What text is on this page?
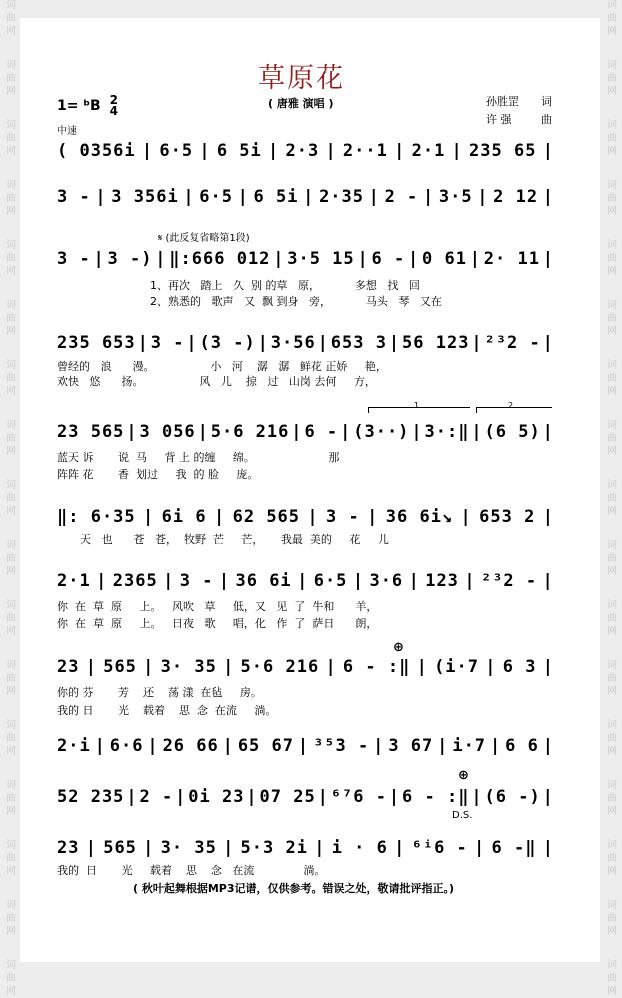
词
曲
网
词
曲
网
词
曲
网
词
曲
网
词
曲
网
词
曲
网
词
曲
网
词
曲
网
词
曲
网
词
曲
网
词
曲
网
词
曲
网
词
曲
网
词
曲
网
词
曲
网
词
曲
网
词
曲
网
词
曲
网
词
曲
网
词
曲
网
词
曲
网
词
曲
网
词
曲
网
词
曲
网
词
曲
网
词
曲
网
词
曲
网
词
曲
网
词
曲
网
词
曲
网
词
曲
网
词
曲
网
词
曲
网
词
曲
网
草原花
( 唐雅 演唱 )	孙胜罡 词
许 强	曲
1= ᵇB 2
4
中速
( 0356i | 6·5 | 6 5i | 2·3 | 2··1 | 2·1 | 235 65 |
3 - | 3 356i | 6·5 | 6 5i | 2·35 | 2 - | 3·5 | 2 12 |
3 - | 3 -) | ‖:666 012 | 3·5 15 | 6 - | 0 61 | 2· 11 |
235 653 | 3 - | (3 -) | 3·56 | 653 3 | 56 123 | ²³2 - |
23 565 | 3 056 | 5·6 216 | 6 - | (3··) | 3·:‖ | (6 5) |
‖: 6·35 | 6i 6 | 62 565 | 3 - | 36 6i↘ | 653 2 |
2·1 | 2365 | 3 - | 36 6i | 6·5 | 3·6 | 123 | ²³2 - |
23 | 565 | 3· 35 | 5·6 216 | 6 - :‖ | (i·7 | 6 3 |
2·i | 6·6 | 26 66 | 65 67 | ³⁵3 - | 3 67 | i·7 | 6 6 |
52 235 | 2 - | 0i 23 | 07 25 | ⁶⁷6 - | 6 - :‖ | (6 -) |
23 | 565 | 3· 35 | 5·3 2i | i · 6 | ⁶ⁱ6 - | 6 -‖ |
𝄋 (此反复省略第1段)
1、再次   踏上   久  别 的草   原，          多想   找   回
2、熟悉的   歌声   又  飘 到身   旁，          马头   琴   又在
曾经的   浪      漫。                小   河    潺   潺   鲜花 正娇     艳，
欢快   悠      扬。                风   儿    掠   过   山岗 去何     方，
蓝天 诉       说  马     背 上 的缠     绵。                     那
阵阵 花       香  划过     我  的 脸     庞。
天   也      苍   苍，  牧野  芒     芒，     我最  美的     花     儿
你  在  草  原     上。   风吹   草     低，又   见  了  牛和      羊，
你  在  草  原     上。   日夜   歌     唱，化   作  了  萨日      朗，
你的 芬       芳    还    荡 漾  在毡     房。
我的 日       光    载着    思  念  在流     淌。
我的  日       光     载着    思    念   在流              淌。
1	2
⊕
⊕
D.S.
( 秋叶起舞根据MP3记谱，仅供参考。错误之处，敬请批评指正。)
